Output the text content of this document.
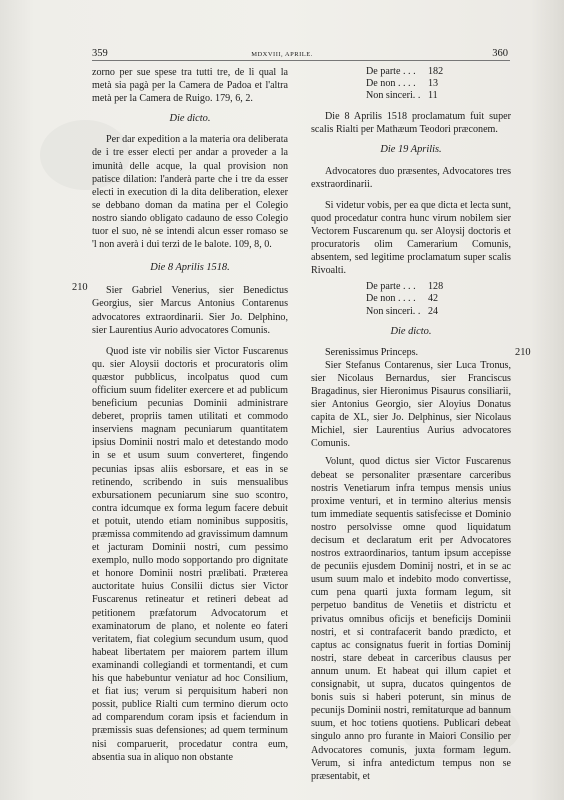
359	MDXVIII, APRILE.	360
210
210

zorno per sue spese tra tutti tre, de li qual la metà sia pagà per la Camera de Padoa et l'altra metà per la Camera de Ruigo. 179, 6, 2.

Die dicto.

Per dar expedition a la materia ora deliberata de i tre esser electi per andar a proveder a la imunità delle acque, la qual provision non patisce dilation: l'anderà parte che i tre da esser electi in execution di la dita deliberation, elexer se debbano doman da matina per el Colegio nostro siando obligato cadauno de esso Colegio tuor el suo, nè se intendi alcun esser romaso se 'l non averà i dui terzi de le balote. 109, 8, 0.

Die 8 Aprilis 1518.

Sier Gabriel Venerius, sier Benedictus Georgius, sier Marcus Antonius Contarenus advocatores extraordinarii. Sier Jo. Delphino, sier Laurentius Aurio advocatores Comunis.

Quod iste vir nobilis sier Victor Fuscarenus qu. sier Aloysii doctoris et procuratoris olim quæstor pubblicus, incolpatus quod cum officium suum fideliter exercere et ad publicum beneficium pecunias Dominii administrare deberet, propriis tamen utilitati et commodo inserviens magnam pecuniarum quantitatem ipsius Dominii nostri malo et detestando modo in se et usum suum converteret, fingendo pecunias ipsas aliis esborsare, et eas in se retinendo, scribendo in suis mensualibus exbursationem pecuniarum sine suo scontro, contra idcumque ex forma legum facere debuit et potuit, utendo etiam nominibus suppositis, præmissa commitendo ad gravissimum damnum et jacturam Dominii nostri, cum pessimo exemplo, nullo modo sopportando pro dignitate et honore Dominii nostri prælibati. Præterea auctoritate huius Consilii dictus sier Victor Fuscarenus retineatur et retineri debeat ad petitionem præfatorum Advocatorum et examinatorum de plano, et nolente eo fateri veritatem, fiat colegium secundum usum, quod habeat libertatem per maiorem partem illum examinandi collegiandi et tormentandi, et cum his que habebuntur veniatur ad hoc Consilium, et fiat ius; verum si perquisitum haberi non possit, publice Rialti cum termino dierum octo ad comparendum coram ipsis et faciendum in præmissis suas defensiones; ad quem terminum nisi comparuerit, procedatur contra eum, absentia sua in aliquo non obstante

De parte . . . 182
De non . . . . 13
Non sinceri. . 11

Die 8 Aprilis 1518 proclamatum fuit super scalis Rialti per Mathæum Teodori præconem.

Die 19 Aprilis.

Advocatores duo præsentes, Advocatores tres exstraordinarii.

Si videtur vobis, per ea que dicta et lecta sunt, quod procedatur contra hunc virum nobilem sier Vectorem Fuscarenum qu. ser Aloysij doctoris et procuratoris olim Camerarium Comunis, absentem, sed legitime proclamatum super scalis Rivoalti.

De parte . . . 128
De non . . . . 42
Non sinceri. . 24
Die dicto.

Serenissimus Princeps.

Sier Stefanus Contarenus, sier Luca Tronus, sier Nicolaus Bernardus, sier Franciscus Bragadinus, sier Hieronimus Pisaurus consiliarii, sier Antonius Georgio, sier Aloyius Donatus capita de XL, sier Jo. Delphinus, sier Nicolaus Michiel, sier Laurentius Aurius advocatores Comunis.

Volunt, quod dictus sier Victor Fuscarenus debeat se personaliter præsentare carceribus nostris Venetiarum infra tempus mensis unius proxime venturi, et in termino alterius mensis tum immediate sequentis satisfecisse et Dominio nostro persolvisse omne quod liquidatum decisum et declaratum erit per Advocatores nostros extraordinarios, tantum ipsum accepisse de pecuniis ejusdem Dominij nostri, et in se ac usum suum malo et indebito modo convertisse, cum pena quarti juxta formam legum, sit perpetuo banditus de Venetiis et districtu et privatus omnibus oficijs et beneficijs Dominii nostri, et si contrafacerit bando prædicto, et captus ac consignatus fuerit in fortias Dominij nostri, stare debeat in carceribus clausus per annum unum. Et habeat qui illum capiet et consignabit, ut supra, ducatos quingentos de bonis suis si haberi poterunt, sin minus de pecunijs Dominii nostri, remitaturque ad bannum suum, et hoc totiens quotiens. Publicari debeat singulo anno pro furante in Maiori Consilio per Advocatores comunis, juxta formam legum. Verum, si infra antedictum tempus non se præsentabit, et
